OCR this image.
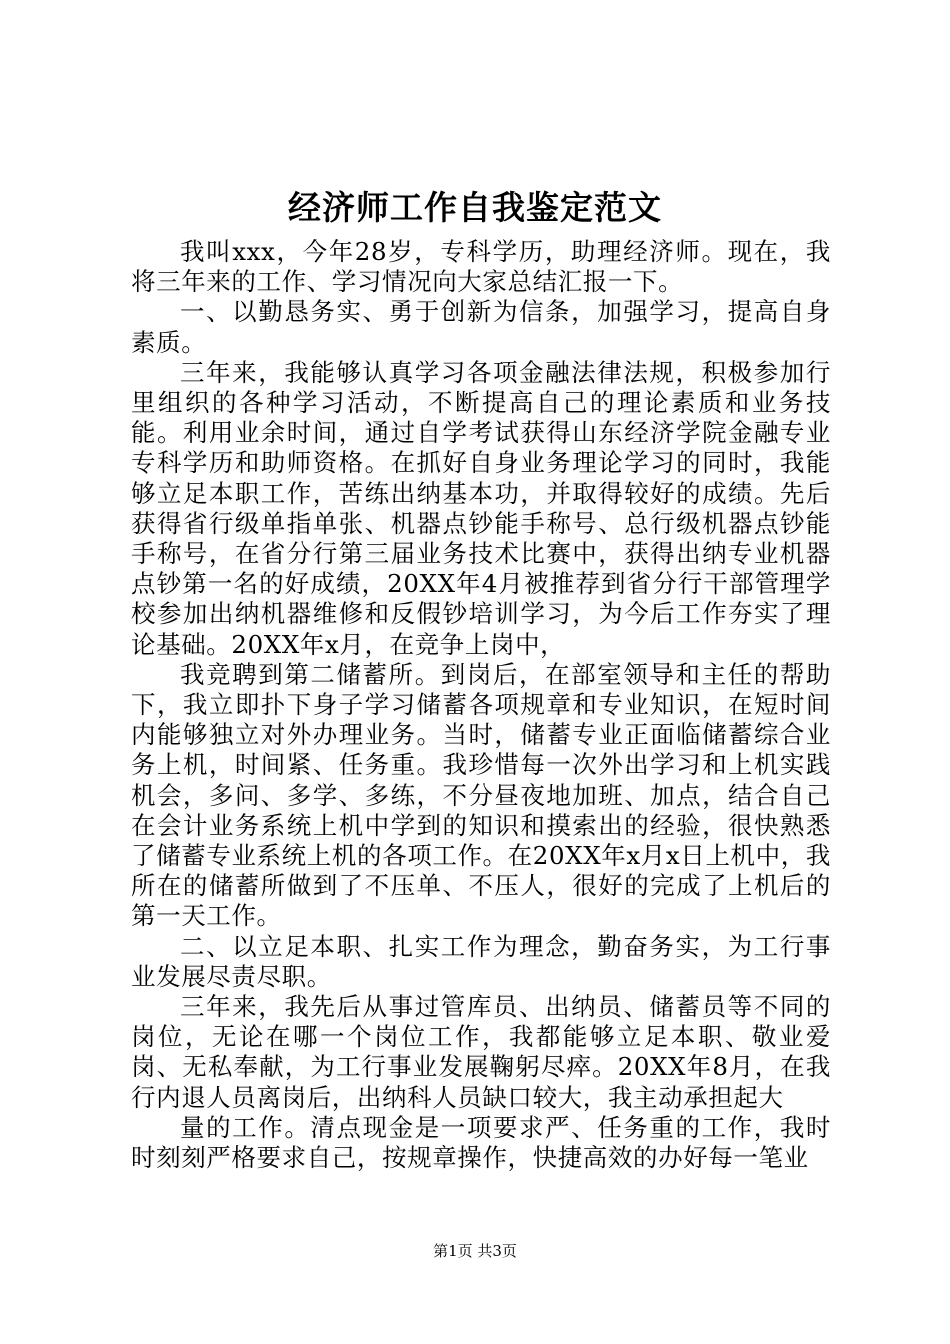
经济师工作自我鉴定范文

我叫xxx，今年28岁，专科学历，助理经济师。现在，我将三年来的工作、学习情况向大家总结汇报一下。

一、以勤恳务实、勇于创新为信条，加强学习，提高自身素质。

三年来，我能够认真学习各项金融法律法规，积极参加行里组织的各种学习活动，不断提高自己的理论素质和业务技能。利用业余时间，通过自学考试获得山东经济学院金融专业专科学历和助师资格。在抓好自身业务理论学习的同时，我能够立足本职工作，苦练出纳基本功，并取得较好的成绩。先后获得省行级单指单张、机器点钞能手称号、总行级机器点钞能手称号，在省分行第三届业务技术比赛中，获得出纳专业机器点钞第一名的好成绩，20XX年4月被推荐到省分行干部管理学校参加出纳机器维修和反假钞培训学习，为今后工作夯实了理论基础。20XX年x月，在竞争上岗中，

我竞聘到第二储蓄所。到岗后，在部室领导和主任的帮助下，我立即扑下身子学习储蓄各项规章和专业知识，在短时间内能够独立对外办理业务。当时，储蓄专业正面临储蓄综合业务上机，时间紧、任务重。我珍惜每一次外出学习和上机实践机会，多问、多学、多练，不分昼夜地加班、加点，结合自己在会计业务系统上机中学到的知识和摸索出的经验，很快熟悉了储蓄专业系统上机的各项工作。在20XX年x月x日上机中，我所在的储蓄所做到了不压单、不压人，很好的完成了上机后的第一天工作。

二、以立足本职、扎实工作为理念，勤奋务实，为工行事业发展尽责尽职。

三年来，我先后从事过管库员、出纳员、储蓄员等不同的岗位，无论在哪一个岗位工作，我都能够立足本职、敬业爱岗、无私奉献，为工行事业发展鞠躬尽瘁。20XX年8月，在我行内退人员离岗后，出纳科人员缺口较大，我主动承担起大

量的工作。清点现金是一项要求严、任务重的工作，我时时刻刻严格要求自己，按规章操作，快捷高效的办好每一笔业

第1页 共3页
